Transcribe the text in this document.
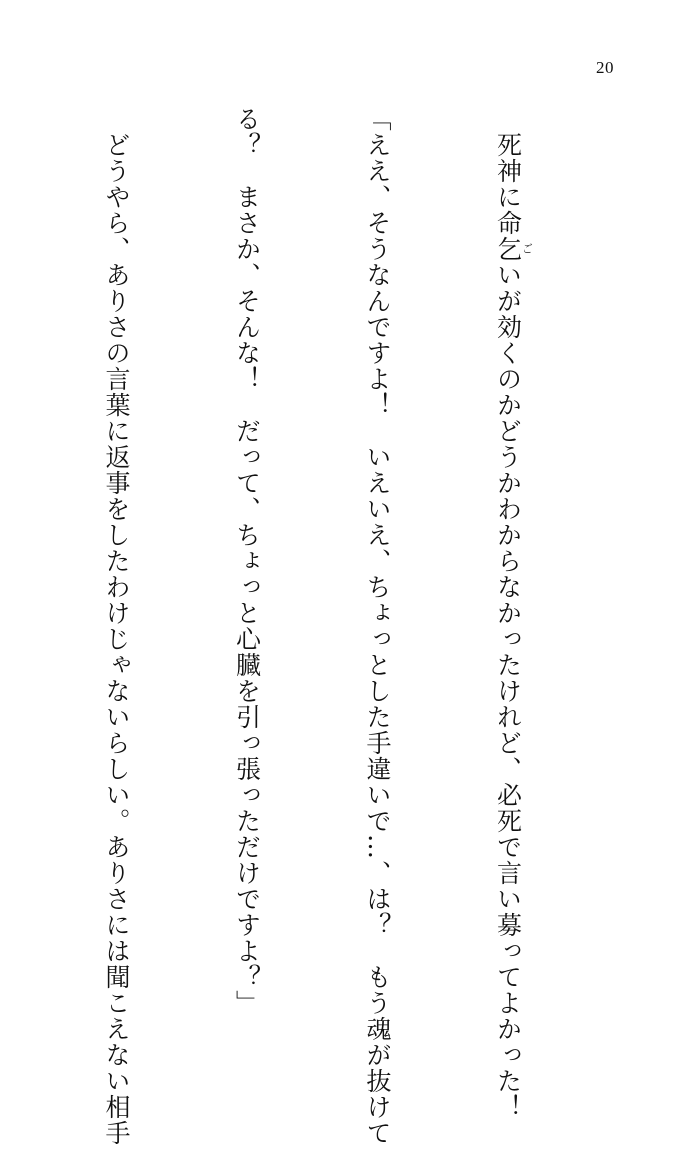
20

　死神に命乞ごいが効くのかどうかわからなかったけれど、必死で言い募ってよかった！

「ええ、そうなんですよ！　いえいえ、ちょっとした手違いで…、は？　もう魂が抜けて

る？　まさか、そんな！　だって、ちょっと心臓を引っ張っただけですよ？」

　どうやら、ありさの言葉に返事をしたわけじゃないらしい。ありさには聞こえない相手
